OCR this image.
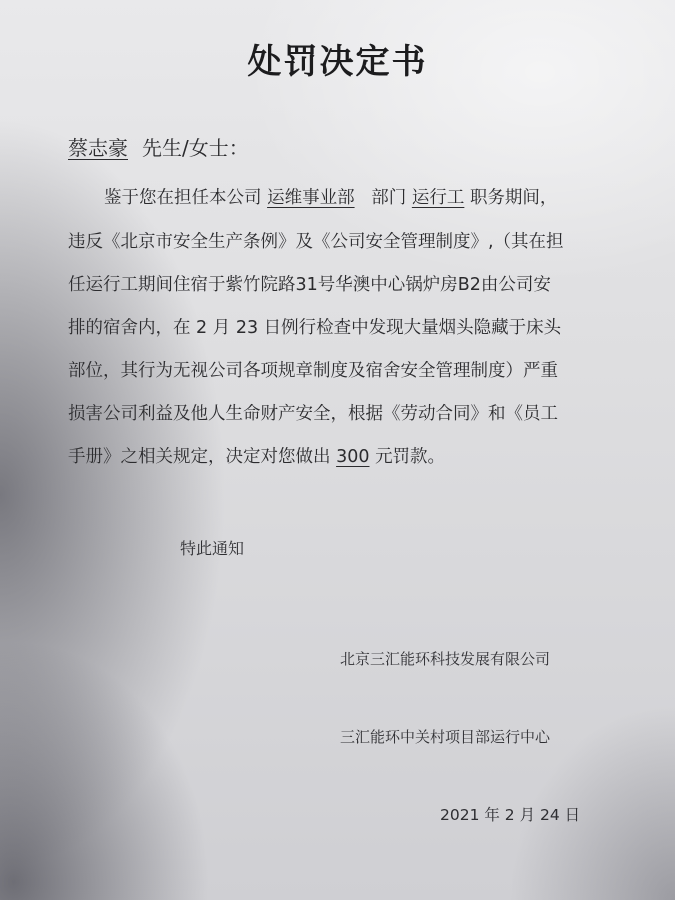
处罚决定书
蔡志豪 先生/女士：
鉴于您在担任本公司 运维事业部 部门 运行工 职务期间，
违反《北京市安全生产条例》及《公司安全管理制度》,（其在担
任运行工期间住宿于紫竹院路31号华澳中心锅炉房B2由公司安
排的宿舍内，在 2 月 23 日例行检查中发现大量烟头隐藏于床头
部位，其行为无视公司各项规章制度及宿舍安全管理制度）严重
损害公司利益及他人生命财产安全，根据《劳动合同》和《员工
手册》之相关规定，决定对您做出 300 元罚款。
特此通知
北京三汇能环科技发展有限公司
三汇能环中关村项目部运行中心
2021 年 2 月 24 日
